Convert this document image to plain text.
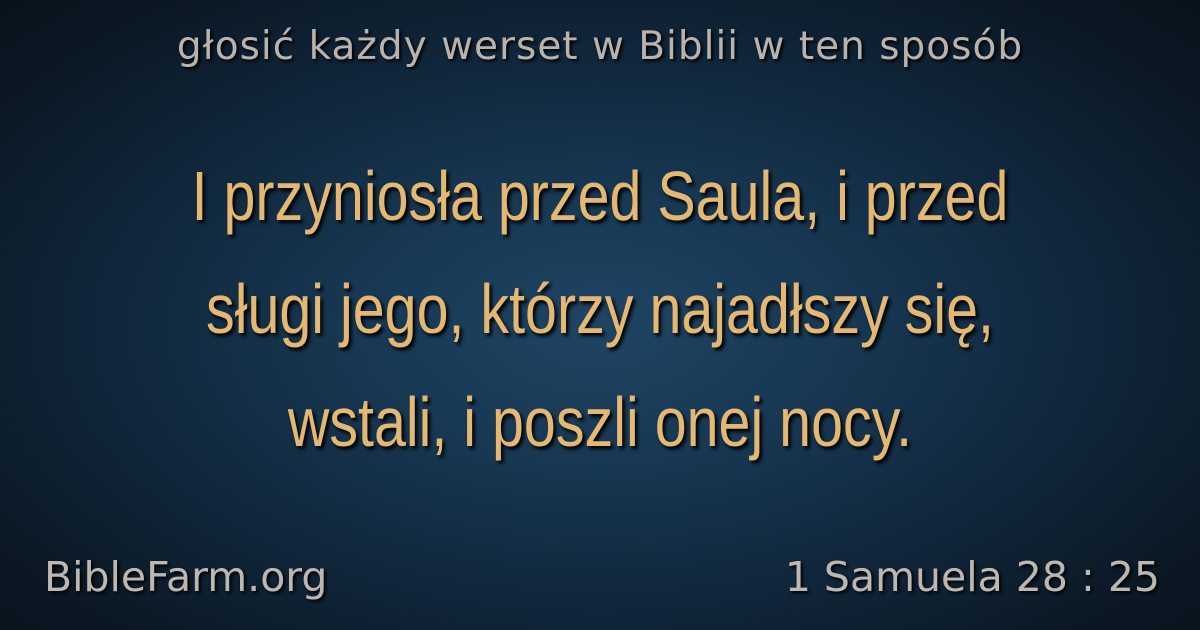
głosić każdy werset w Biblii w ten sposób
I przyniosła przed Saula, i przed
sługi jego, którzy najadłszy się,
wstali, i poszli onej nocy.
BibleFarm.org	1 Samuela 28 : 25
